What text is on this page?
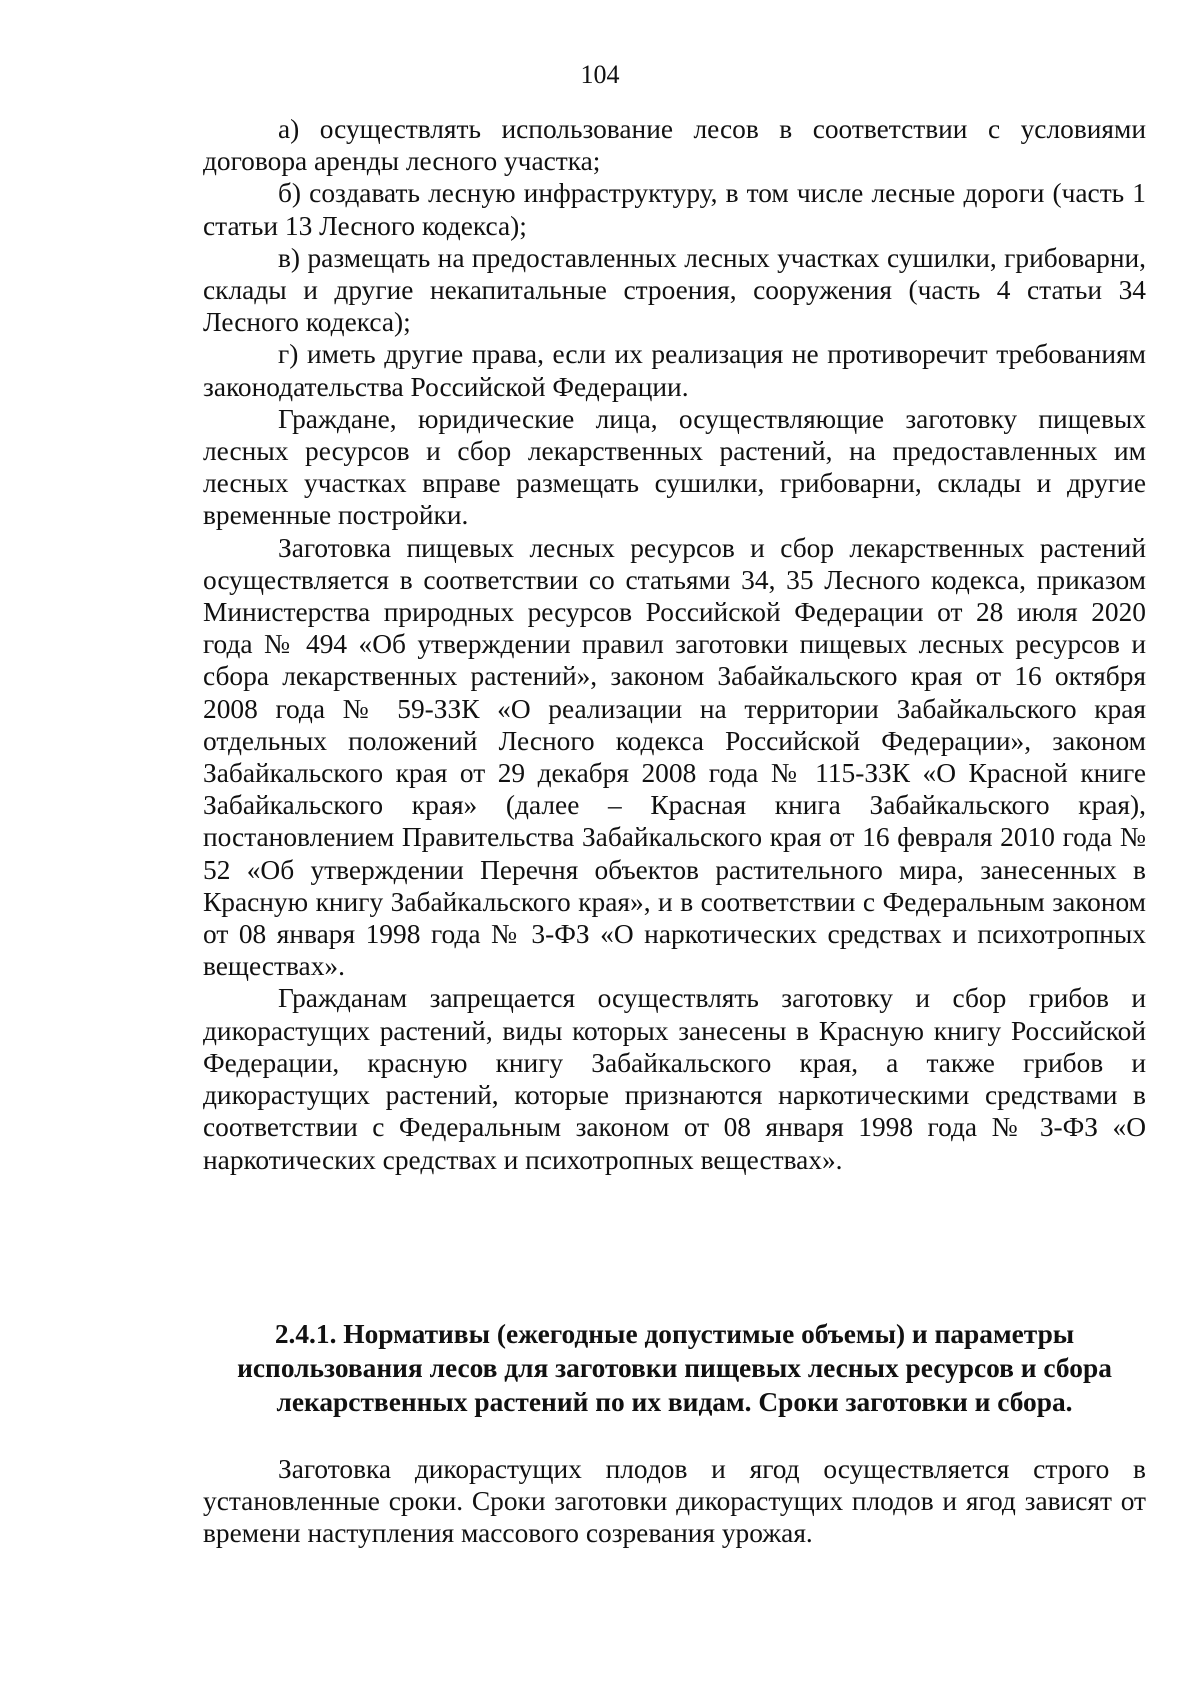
104

а) осуществлять использование лесов в соответствии с условиями договора аренды лесного участка;

б) создавать лесную инфраструктуру, в том числе лесные дороги (часть 1 статьи 13 Лесного кодекса);

в) размещать на предоставленных лесных участках сушилки, грибоварни, склады и другие некапитальные строения, сооружения (часть 4 статьи 34 Лесного кодекса);

г) иметь другие права, если их реализация не противоречит требованиям законодательства Российской Федерации.

Граждане, юридические лица, осуществляющие заготовку пищевых лесных ресурсов и сбор лекарственных растений, на предоставленных им лесных участках вправе размещать сушилки, грибоварни, склады и другие временные постройки.

Заготовка пищевых лесных ресурсов и сбор лекарственных растений осуществляется в соответствии со статьями 34, 35 Лесного кодекса, приказом Министерства природных ресурсов Российской Федерации от 28 июля 2020 года № 494 «Об утверждении правил заготовки пищевых лесных ресурсов и сбора лекарственных растений», законом Забайкальского края от 16 октября 2008 года № 59-ЗЗК «О реализации на территории Забайкальского края отдельных положений Лесного кодекса Российской Федерации», законом Забайкальского края от 29 декабря 2008 года № 115-ЗЗК «О Красной книге Забайкальского края» (далее – Красная книга Забайкальского края), постановлением Правительства Забайкальского края от 16 февраля 2010 года № 52 «Об утверждении Перечня объектов растительного мира, занесенных в Красную книгу Забайкальского края», и в соответствии с Федеральным законом от 08 января 1998 года № 3-ФЗ «О наркотических средствах и психотропных веществах».

Гражданам запрещается осуществлять заготовку и сбор грибов и дикорастущих растений, виды которых занесены в Красную книгу Российской Федерации, красную книгу Забайкальского края, а также грибов и дикорастущих растений, которые признаются наркотическими средствами в соответствии с Федеральным законом от 08 января 1998 года № 3-ФЗ «О наркотических средствах и психотропных веществах».

2.4.1. Нормативы (ежегодные допустимые объемы) и параметры использования лесов для заготовки пищевых лесных ресурсов и сбора лекарственных растений по их видам. Сроки заготовки и сбора.

Заготовка дикорастущих плодов и ягод осуществляется строго в установленные сроки. Сроки заготовки дикорастущих плодов и ягод зависят от времени наступления массового созревания урожая.
